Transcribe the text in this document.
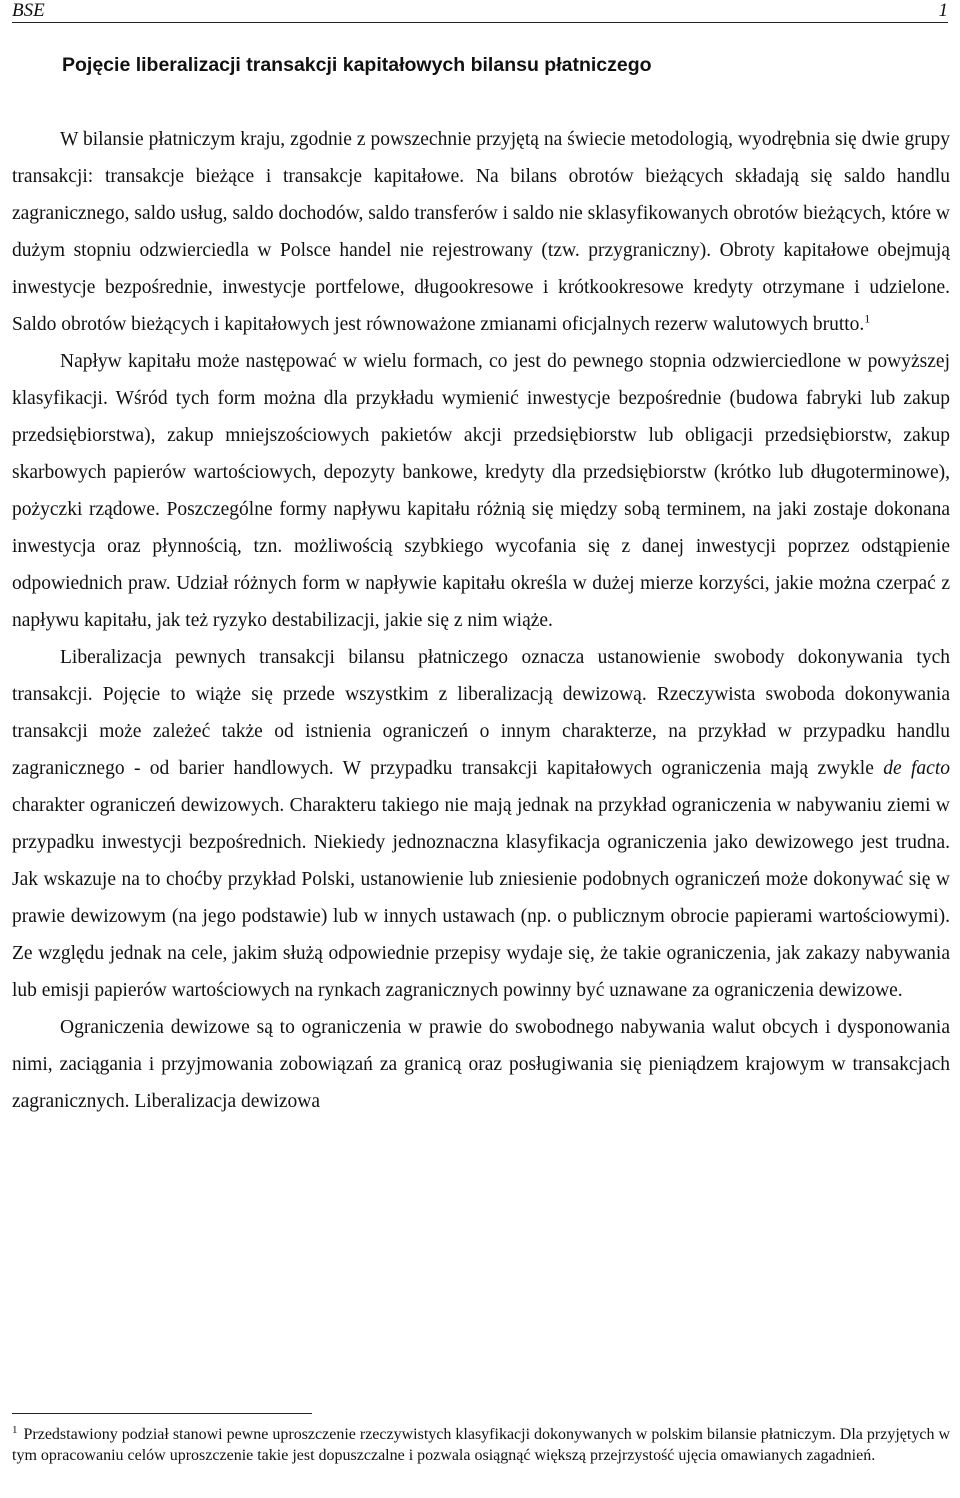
BSE	1
Pojęcie liberalizacji transakcji kapitałowych bilansu płatniczego

W bilansie płatniczym kraju, zgodnie z powszechnie przyjętą na świecie metodologią, wyodrębnia się dwie grupy transakcji: transakcje bieżące i transakcje kapitałowe. Na bilans obrotów bieżących składają się saldo handlu zagranicznego, saldo usług, saldo dochodów, saldo transferów i saldo nie sklasyfikowanych obrotów bieżących, które w dużym stopniu odzwierciedla w Polsce handel nie rejestrowany (tzw. przygraniczny). Obroty kapitałowe obejmują inwestycje bezpośrednie, inwestycje portfelowe, długookresowe i krótkookresowe kredyty otrzymane i udzielone. Saldo obrotów bieżących i kapitałowych jest równoważone zmianami oficjalnych rezerw walutowych brutto.$^1$

Napływ kapitału może następować w wielu formach, co jest do pewnego stopnia odzwierciedlone w powyższej klasyfikacji. Wśród tych form można dla przykładu wymienić inwestycje bezpośrednie (budowa fabryki lub zakup przedsiębiorstwa), zakup mniejszościowych pakietów akcji przedsiębiorstw lub obligacji przedsiębiorstw, zakup skarbowych papierów wartościowych, depozyty bankowe, kredyty dla przedsiębiorstw (krótko lub długoterminowe), pożyczki rządowe. Poszczególne formy napływu kapitału różnią się między sobą terminem, na jaki zostaje dokonana inwestycja oraz płynnością, tzn. możliwością szybkiego wycofania się z danej inwestycji poprzez odstąpienie odpowiednich praw. Udział różnych form w napływie kapitału określa w dużej mierze korzyści, jakie można czerpać z napływu kapitału, jak też ryzyko destabilizacji, jakie się z nim wiąże.

Liberalizacja pewnych transakcji bilansu płatniczego oznacza ustanowienie swobody dokonywania tych transakcji. Pojęcie to wiąże się przede wszystkim z liberalizacją dewizową. Rzeczywista swoboda dokonywania transakcji może zależeć także od istnienia ograniczeń o innym charakterze, na przykład w przypadku handlu zagranicznego - od barier handlowych. W przypadku transakcji kapitałowych ograniczenia mają zwykle de facto charakter ograniczeń dewizowych. Charakteru takiego nie mają jednak na przykład ograniczenia w nabywaniu ziemi w przypadku inwestycji bezpośrednich. Niekiedy jednoznaczna klasyfikacja ograniczenia jako dewizowego jest trudna. Jak wskazuje na to choćby przykład Polski, ustanowienie lub zniesienie podobnych ograniczeń może dokonywać się w prawie dewizowym (na jego podstawie) lub w innych ustawach (np. o publicznym obrocie papierami wartościowymi). Ze względu jednak na cele, jakim służą odpowiednie przepisy wydaje się, że takie ograniczenia, jak zakazy nabywania lub emisji papierów wartościowych na rynkach zagranicznych powinny być uznawane za ograniczenia dewizowe.

Ograniczenia dewizowe są to ograniczenia w prawie do swobodnego nabywania walut obcych i dysponowania nimi, zaciągania i przyjmowania zobowiązań za granicą oraz posługiwania się pieniądzem krajowym w transakcjach zagranicznych. Liberalizacja dewizowa

$^1$ Przedstawiony podział stanowi pewne uproszczenie rzeczywistych klasyfikacji dokonywanych w polskim bilansie płatniczym. Dla przyjętych w tym opracowaniu celów uproszczenie takie jest dopuszczalne i pozwala osiągnąć większą przejrzystość ujęcia omawianych zagadnień.
